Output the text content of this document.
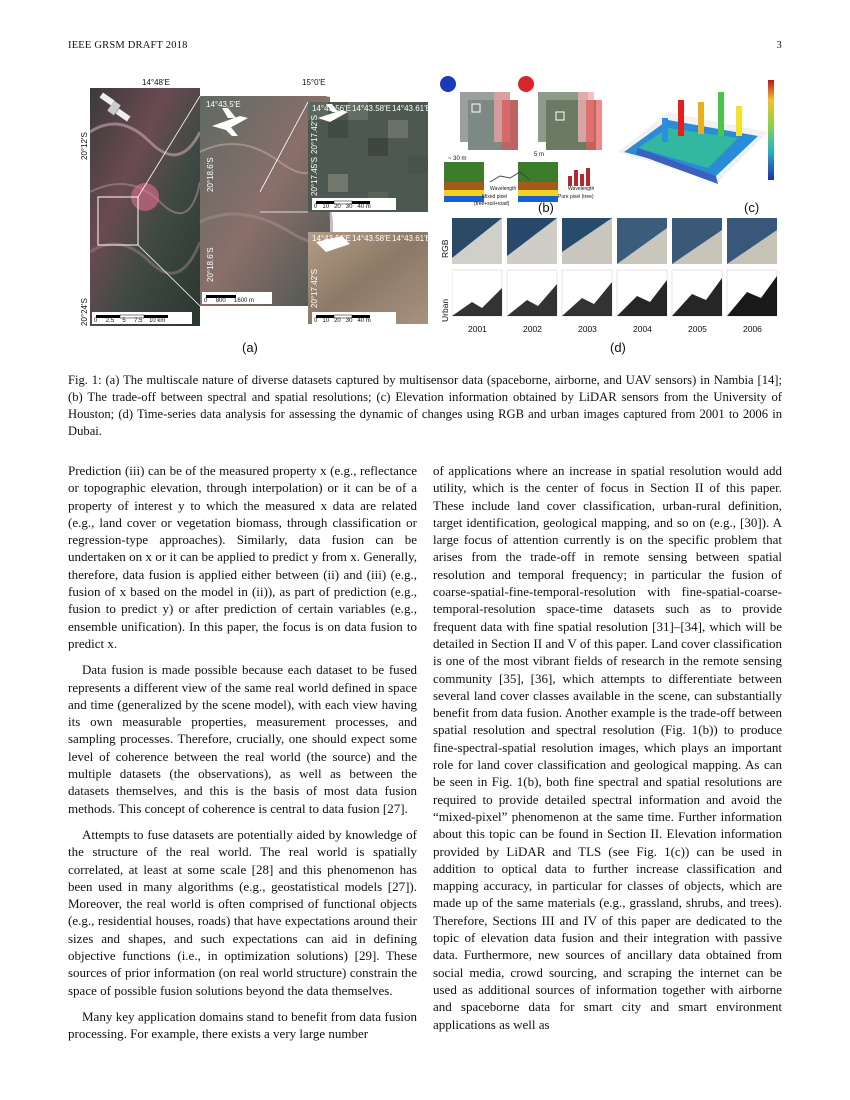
IEEE GRSM DRAFT 2018	3
14°48'E	15°0'E
20°12'S
20°24'S
14°43.5'E
20°18.6'S
20°18.6'S
14°43.56'E 14°43.58'E 14°43.61'E
14°45.6'E
20°17.42'S
20°17.45'S
14°43.56'E 14°43.58'E 14°43.61'E
20°17.42'S
0 2.5 5 7.5 10 km
0 800 1600 m
0 10 20 30 40 m
0 10 20 30 40 m
(a)
~ 30 m
5 m
Wavelength	Wavelength
Mixed pixel
(tree+soil+road)
Pure pixel (tree)
(b)	(c)
RGB
Urban
2001	2002	2003	2004	2005	2006
(d)
Fig. 1: (a) The multiscale nature of diverse datasets captured by multisensor data (spaceborne, airborne, and UAV sensors) in Nambia [14]; (b) The trade-off between spectral and spatial resolutions; (c) Elevation information obtained by LiDAR sensors from the University of Houston; (d) Time-series data analysis for assessing the dynamic of changes using RGB and urban images captured from 2001 to 2006 in Dubai.

Prediction (iii) can be of the measured property x (e.g., reflectance or topographic elevation, through interpolation) or it can be of a property of interest y to which the measured x data are related (e.g., land cover or vegetation biomass, through classification or regression-type approaches). Similarly, data fusion can be undertaken on x or it can be applied to predict y from x. Generally, therefore, data fusion is applied either between (ii) and (iii) (e.g., fusion of x based on the model in (ii)), as part of prediction (e.g., fusion to predict y) or after prediction of certain variables (e.g., ensemble unification). In this paper, the focus is on data fusion to predict x.

Data fusion is made possible because each dataset to be fused represents a different view of the same real world defined in space and time (generalized by the scene model), with each view having its own measurable properties, measurement processes, and sampling processes. Therefore, crucially, one should expect some level of coherence between the real world (the source) and the multiple datasets (the observations), as well as between the datasets themselves, and this is the basis of most data fusion methods. This concept of coherence is central to data fusion [27].

Attempts to fuse datasets are potentially aided by knowledge of the structure of the real world. The real world is spatially correlated, at least at some scale [28] and this phenomenon has been used in many algorithms (e.g., geostatistical models [27]). Moreover, the real world is often comprised of functional objects (e.g., residential houses, roads) that have expectations around their sizes and shapes, and such expectations can aid in defining objective functions (i.e., in optimization solutions) [29]. These sources of prior information (on real world structure) constrain the space of possible fusion solutions beyond the data themselves.

Many key application domains stand to benefit from data fusion processing. For example, there exists a very large number

of applications where an increase in spatial resolution would add utility, which is the center of focus in Section II of this paper. These include land cover classification, urban-rural definition, target identification, geological mapping, and so on (e.g., [30]). A large focus of attention currently is on the specific problem that arises from the trade-off in remote sensing between spatial resolution and temporal frequency; in particular the fusion of coarse-spatial-fine-temporal-resolution with fine-spatial-coarse-temporal-resolution space-time datasets such as to provide frequent data with fine spatial resolution [31]–[34], which will be detailed in Section II and V of this paper. Land cover classification is one of the most vibrant fields of research in the remote sensing community [35], [36], which attempts to differentiate between several land cover classes available in the scene, can substantially benefit from data fusion. Another example is the trade-off between spatial resolution and spectral resolution (Fig. 1(b)) to produce fine-spectral-spatial resolution images, which plays an important role for land cover classification and geological mapping. As can be seen in Fig. 1(b), both fine spectral and spatial resolutions are required to provide detailed spectral information and avoid the “mixed-pixel” phenomenon at the same time. Further information about this topic can be found in Section II. Elevation information provided by LiDAR and TLS (see Fig. 1(c)) can be used in addition to optical data to further increase classification and mapping accuracy, in particular for classes of objects, which are made up of the same materials (e.g., grassland, shrubs, and trees). Therefore, Sections III and IV of this paper are dedicated to the topic of elevation data fusion and their integration with passive data. Furthermore, new sources of ancillary data obtained from social media, crowd sourcing, and scraping the internet can be used as additional sources of information together with airborne and spaceborne data for smart city and smart environment applications as well as
